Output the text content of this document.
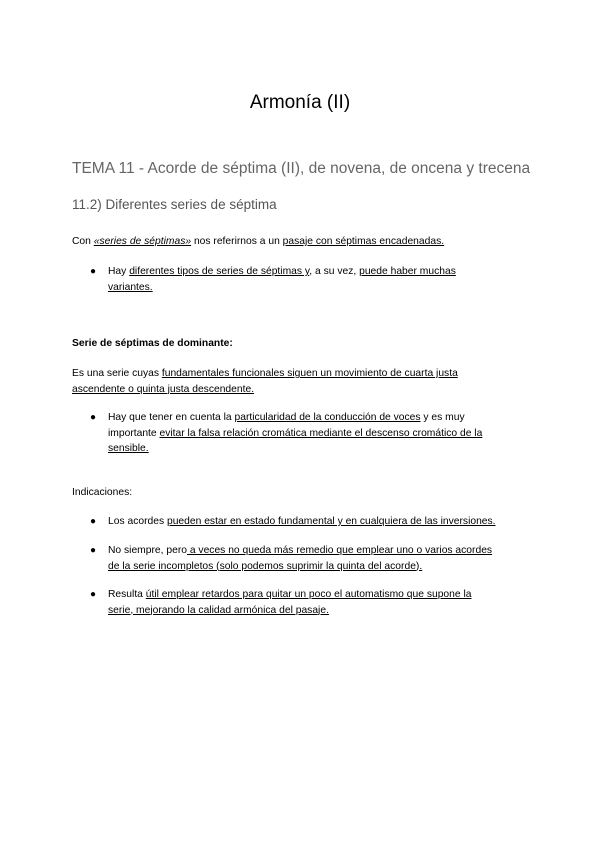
Armonía (II)
TEMA 11 - Acorde de séptima (II), de novena, de oncena y trecena
11.2) Diferentes series de séptima
Con «series de séptimas» nos referirnos a un pasaje con séptimas encadenadas.
●	Hay diferentes tipos de series de séptimas y, a su vez, puede haber muchas
variantes.
Serie de séptimas de dominante:
Es una serie cuyas fundamentales funcionales siguen un movimiento de cuarta justa
ascendente o quinta justa descendente.
●	Hay que tener en cuenta la particularidad de la conducción de voces y es muy
importante evitar la falsa relación cromática mediante el descenso cromático de la
sensible.
Indicaciones:
●	Los acordes pueden estar en estado fundamental y en cualquiera de las inversiones.
●	No siempre, pero a veces no queda más remedio que emplear uno o varios acordes
de la serie incompletos (solo podemos suprimir la quinta del acorde).
●	Resulta útil emplear retardos para quitar un poco el automatismo que supone la
serie, mejorando la calidad armónica del pasaje.
